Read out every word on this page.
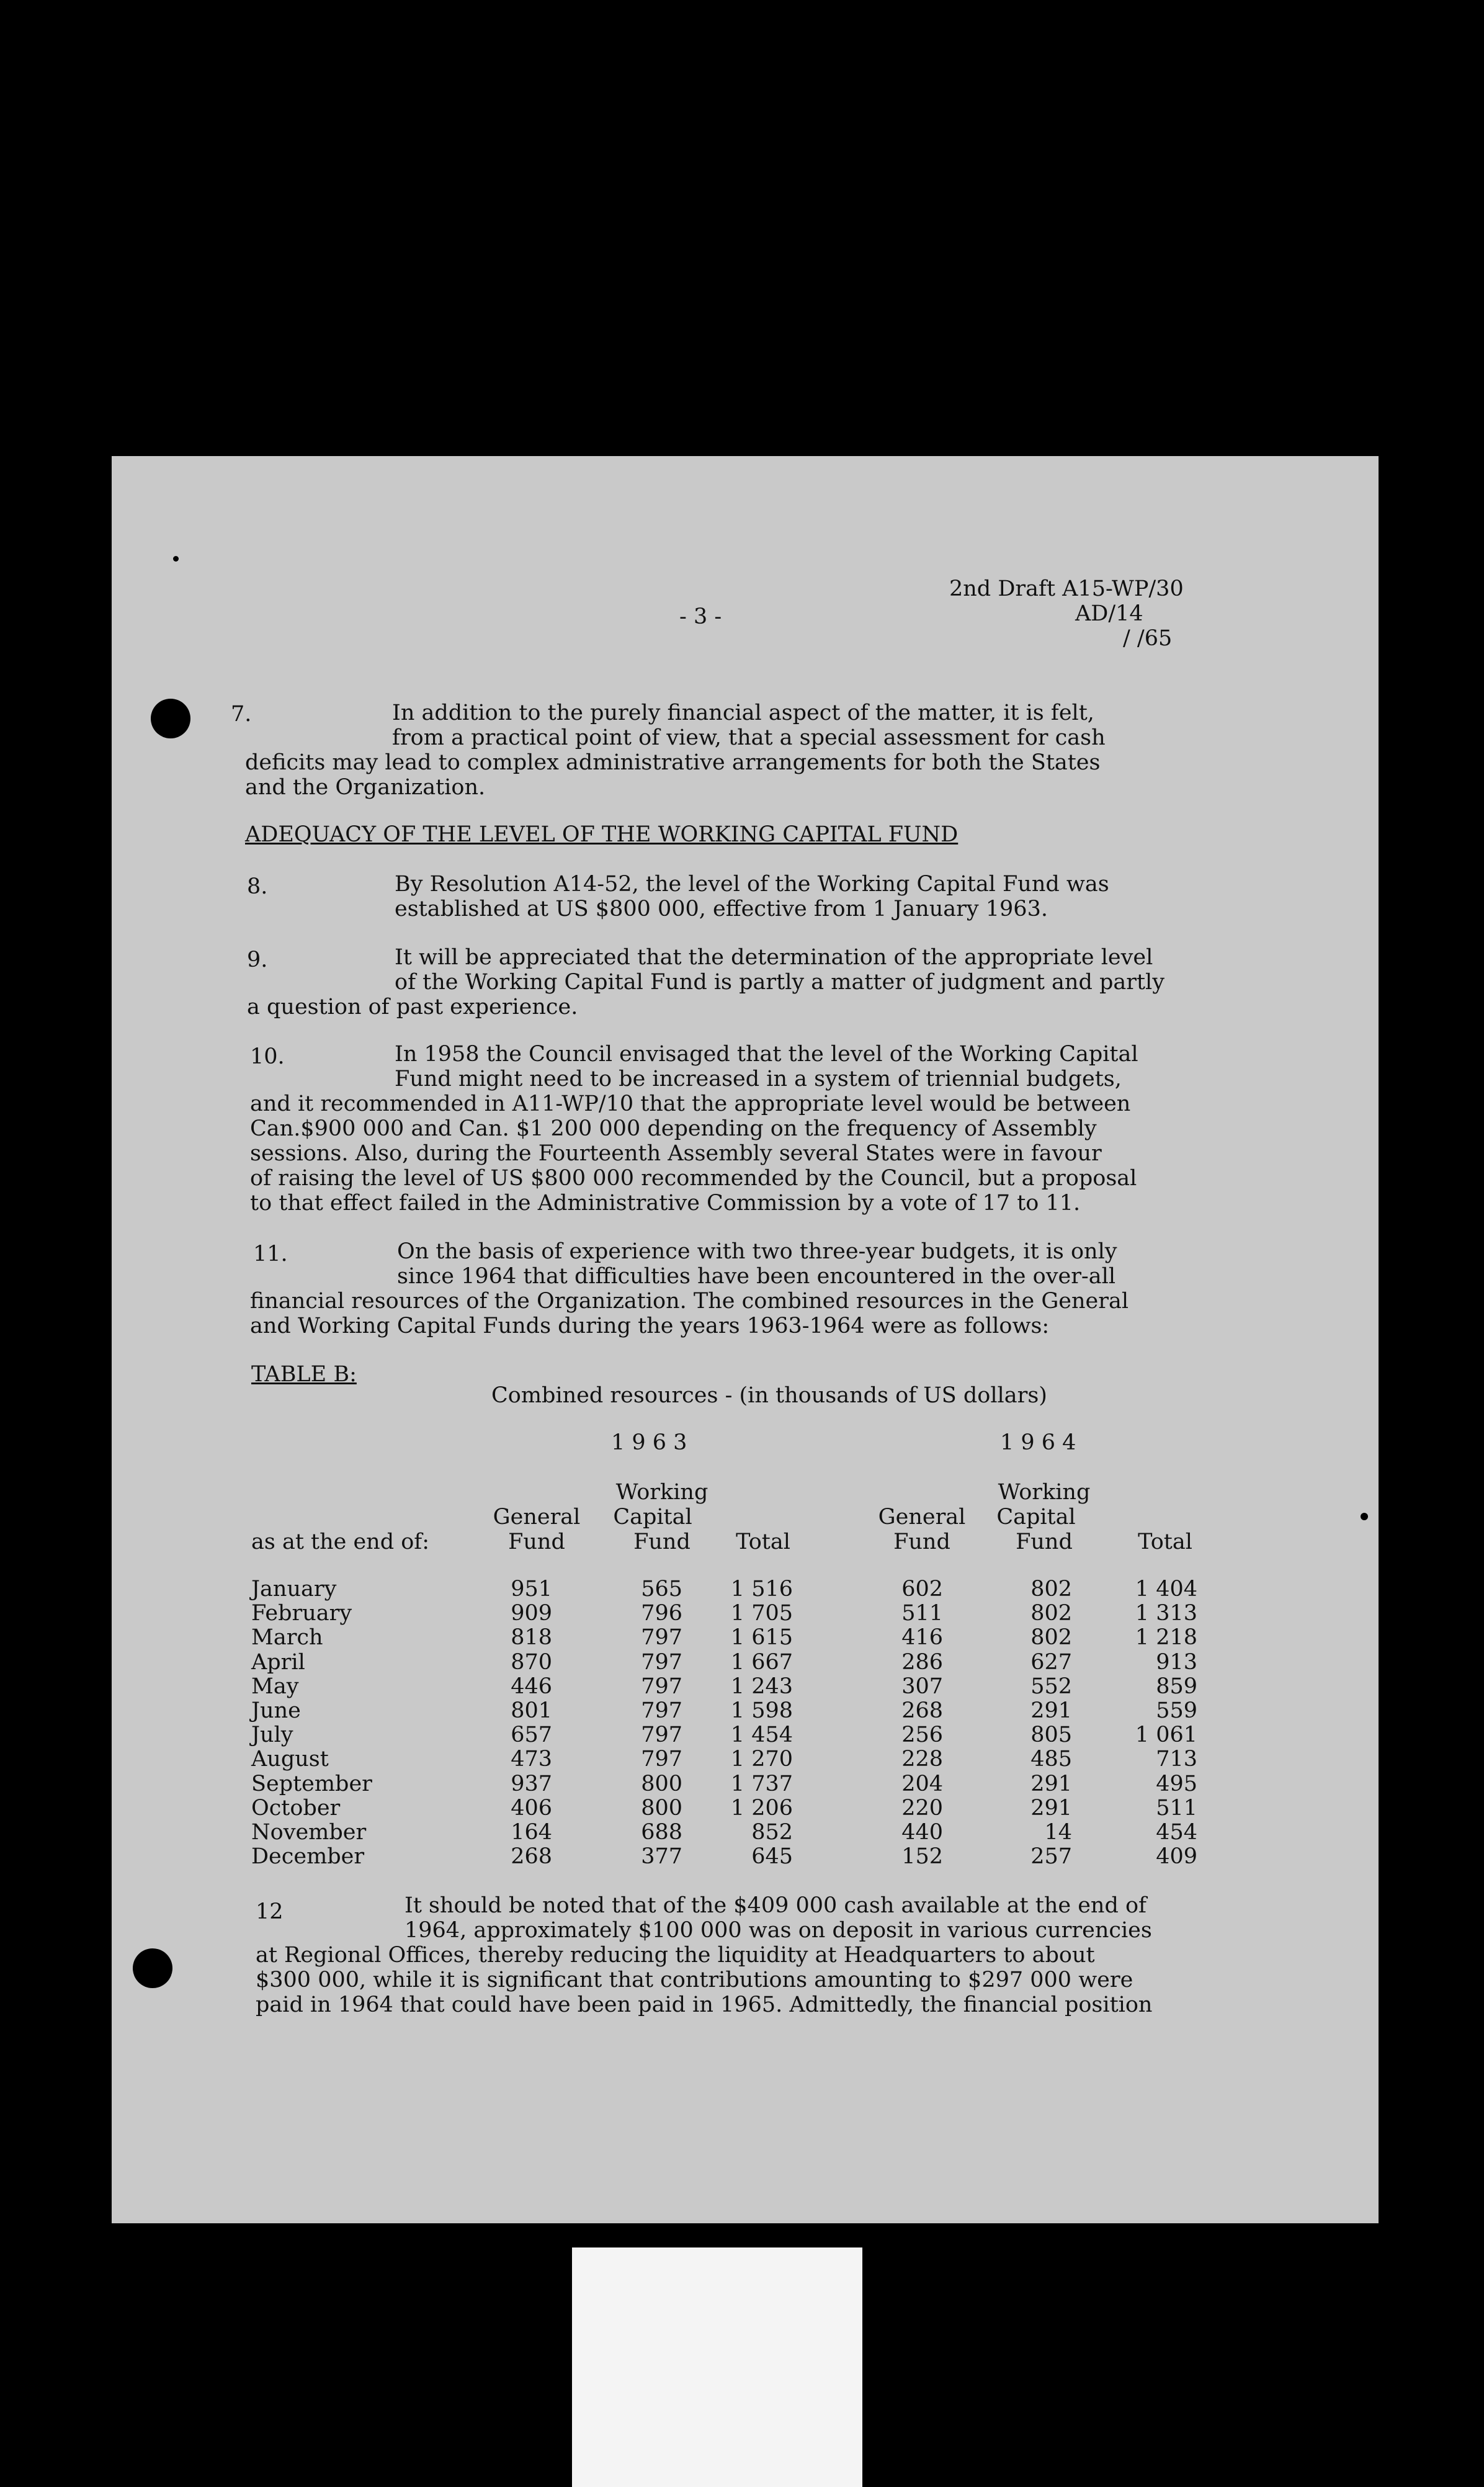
- 3 -
2nd Draft A15-WP/30
AD/14
/ /65
7.	In addition to the purely financial aspect of the matter, it is felt,
from a practical point of view, that a special assessment for cash
deficits may lead to complex administrative arrangements for both the States
and the Organization.
ADEQUACY OF THE LEVEL OF THE WORKING CAPITAL FUND
8.	By Resolution A14-52, the level of the Working Capital Fund was
established at US $800 000, effective from 1 January 1963.
9.	It will be appreciated that the determination of the appropriate level
of the Working Capital Fund is partly a matter of judgment and partly
a question of past experience.
10.	In 1958 the Council envisaged that the level of the Working Capital
Fund might need to be increased in a system of triennial budgets,
and it recommended in A11-WP/10 that the appropriate level would be between
Can.$900 000 and Can. $1 200 000 depending on the frequency of Assembly
sessions. Also, during the Fourteenth Assembly several States were in favour
of raising the level of US $800 000 recommended by the Council, but a proposal
to that effect failed in the Administrative Commission by a vote of 17 to 11.
11.	On the basis of experience with two three-year budgets, it is only
since 1964 that difficulties have been encountered in the over-all
financial resources of the Organization. The combined resources in the General
and Working Capital Funds during the years 1963-1964 were as follows:
TABLE B:
Combined resources - (in thousands of US dollars)
1 9 6 3	1 9 6 4
Working	Working
General	Capital	General	Capital
as at the end of:	Fund	Fund	Total	Fund	Fund	Total
January	951	565	1 516	602	802	1 404
February	909	796	1 705	511	802	1 313
March	818	797	1 615	416	802	1 218
April	870	797	1 667	286	627	913
May	446	797	1 243	307	552	859
June	801	797	1 598	268	291	559
July	657	797	1 454	256	805	1 061
August	473	797	1 270	228	485	713
September	937	800	1 737	204	291	495
October	406	800	1 206	220	291	511
November	164	688	852	440	14	454
December	268	377	645	152	257	409
12	It should be noted that of the $409 000 cash available at the end of
1964, approximately $100 000 was on deposit in various currencies
at Regional Offices, thereby reducing the liquidity at Headquarters to about
$300 000, while it is significant that contributions amounting to $297 000 were
paid in 1964 that could have been paid in 1965. Admittedly, the financial position
